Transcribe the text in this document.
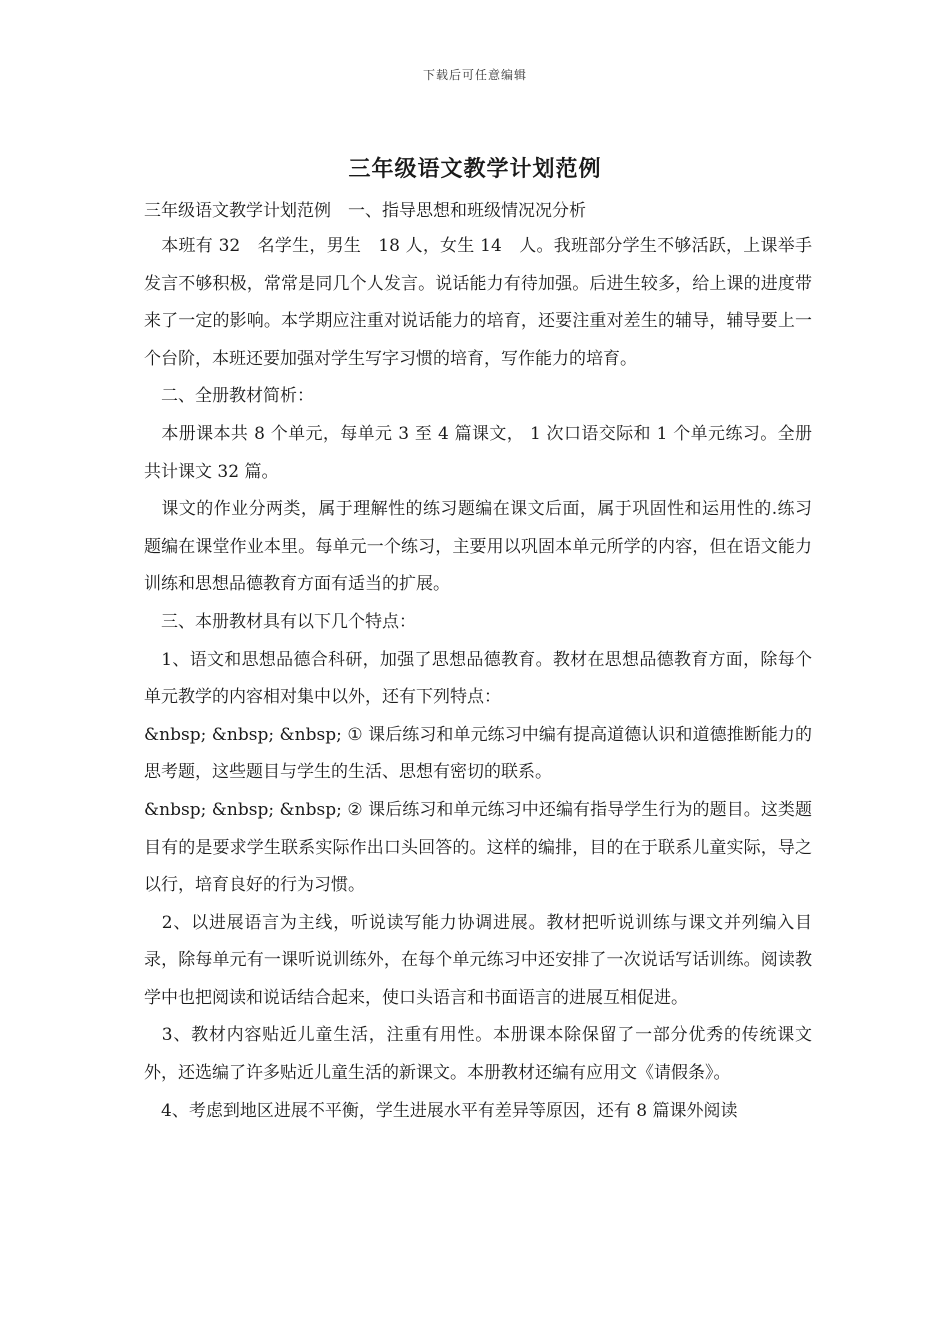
下载后可任意编辑
三年级语文教学计划范例

三年级语文教学计划范例　一、指导思想和班级情况况分析

　本班有 32　名学生，男生　18 人，女生 14　人。我班部分学生不够活跃，上课举手发言不够积极，常常是同几个人发言。说话能力有待加强。后进生较多，给上课的进度带来了一定的影响。本学期应注重对说话能力的培育，还要注重对差生的辅导，辅导要上一个台阶，本班还要加强对学生写字习惯的培育，写作能力的培育。

　二、全册教材简析：

　本册课本共 8 个单元，每单元 3 至 4 篇课文， 1 次口语交际和 1 个单元练习。全册共计课文 32 篇。

　课文的作业分两类，属于理解性的练习题编在课文后面，属于巩固性和运用性的.练习题编在课堂作业本里。每单元一个练习，主要用以巩固本单元所学的内容，但在语文能力训练和思想品德教育方面有适当的扩展。

　三、本册教材具有以下几个特点：

　1、语文和思想品德合科研，加强了思想品德教育。教材在思想品德教育方面，除每个单元教学的内容相对集中以外，还有下列特点：

&nbsp; &nbsp; &nbsp; ① 课后练习和单元练习中编有提高道德认识和道德推断能力的思考题，这些题目与学生的生活、思想有密切的联系。

&nbsp; &nbsp; &nbsp; ② 课后练习和单元练习中还编有指导学生行为的题目。这类题目有的是要求学生联系实际作出口头回答的。这样的编排，目的在于联系儿童实际，导之以行，培育良好的行为习惯。

　2、以进展语言为主线，听说读写能力协调进展。教材把听说训练与课文并列编入目录，除每单元有一课听说训练外，在每个单元练习中还安排了一次说话写话训练。阅读教学中也把阅读和说话结合起来，使口头语言和书面语言的进展互相促进。

　3、教材内容贴近儿童生活，注重有用性。本册课本除保留了一部分优秀的传统课文外，还选编了许多贴近儿童生活的新课文。本册教材还编有应用文《请假条》。

　4、考虑到地区进展不平衡，学生进展水平有差异等原因，还有 8 篇课外阅读
